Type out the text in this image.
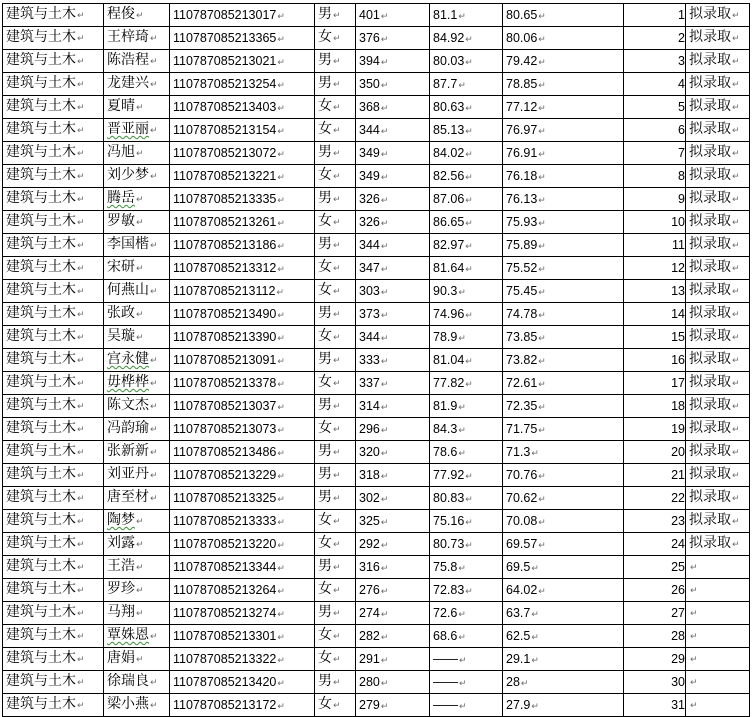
建筑与土木↵	程俊↵	110787085213017↵	男↵	401↵	81.1↵	80.65↵	1	拟录取↵
建筑与土木↵	王梓琦↵	110787085213365↵	女↵	376↵	84.92↵	80.06↵	2	拟录取↵
建筑与土木↵	陈浩程↵	110787085213021↵	男↵	394↵	80.03↵	79.42↵	3	拟录取↵
建筑与土木↵	龙建兴↵	110787085213254↵	男↵	350↵	87.7↵	78.85↵	4	拟录取↵
建筑与土木↵	夏晴↵	110787085213403↵	女↵	368↵	80.63↵	77.12↵	5	拟录取↵
建筑与土木↵	晋亚丽↵	110787085213154↵	女↵	344↵	85.13↵	76.97↵	6	拟录取↵
建筑与土木↵	冯旭↵	110787085213072↵	男↵	349↵	84.02↵	76.91↵	7	拟录取↵
建筑与土木↵	刘少梦↵	110787085213221↵	女↵	349↵	82.56↵	76.18↵	8	拟录取↵
建筑与土木↵	腾岳↵	110787085213335↵	男↵	326↵	87.06↵	76.13↵	9	拟录取↵
建筑与土木↵	罗敏↵	110787085213261↵	女↵	326↵	86.65↵	75.93↵	10	拟录取↵
建筑与土木↵	李国楷↵	110787085213186↵	男↵	344↵	82.97↵	75.89↵	11	拟录取↵
建筑与土木↵	宋研↵	110787085213312↵	女↵	347↵	81.64↵	75.52↵	12	拟录取↵
建筑与土木↵	何燕山↵	110787085213112↵	女↵	303↵	90.3↵	75.45↵	13	拟录取↵
建筑与土木↵	张政↵	110787085213490↵	男↵	373↵	74.96↵	74.78↵	14	拟录取↵
建筑与土木↵	吴璇↵	110787085213390↵	女↵	344↵	78.9↵	73.85↵	15	拟录取↵
建筑与土木↵	宫永健↵	110787085213091↵	男↵	333↵	81.04↵	73.82↵	16	拟录取↵
建筑与土木↵	毋桦桦↵	110787085213378↵	女↵	337↵	77.82↵	72.61↵	17	拟录取↵
建筑与土木↵	陈文杰↵	110787085213037↵	男↵	314↵	81.9↵	72.35↵	18	拟录取↵
建筑与土木↵	冯韵瑜↵	110787085213073↵	女↵	296↵	84.3↵	71.75↵	19	拟录取↵
建筑与土木↵	张新新↵	110787085213486↵	男↵	320↵	78.6↵	71.3↵	20	拟录取↵
建筑与土木↵	刘亚丹↵	110787085213229↵	男↵	318↵	77.92↵	70.76↵	21	拟录取↵
建筑与土木↵	唐至材↵	110787085213325↵	男↵	302↵	80.83↵	70.62↵	22	拟录取↵
建筑与土木↵	陶梦↵	110787085213333↵	女↵	325↵	75.16↵	70.08↵	23	拟录取↵
建筑与土木↵	刘露↵	110787085213220↵	女↵	292↵	80.73↵	69.57↵	24	拟录取↵
建筑与土木↵	王浩↵	110787085213344↵	男↵	316↵	75.8↵	69.5↵	25	↵
建筑与土木↵	罗珍↵	110787085213264↵	女↵	276↵	72.83↵	64.02↵	26	↵
建筑与土木↵	马翔↵	110787085213274↵	男↵	274↵	72.6↵	63.7↵	27	↵
建筑与土木↵	覃姝恩↵	110787085213301↵	女↵	282↵	68.6↵	62.5↵	28	↵
建筑与土木↵	唐娟↵	110787085213322↵	女↵	291↵	——↵	29.1↵	29	↵
建筑与土木↵	徐瑞良↵	110787085213420↵	男↵	280↵	——↵	28↵	30	↵
建筑与土木↵	梁小燕↵	110787085213172↵	女↵	279↵	——↵	27.9↵	31	↵
